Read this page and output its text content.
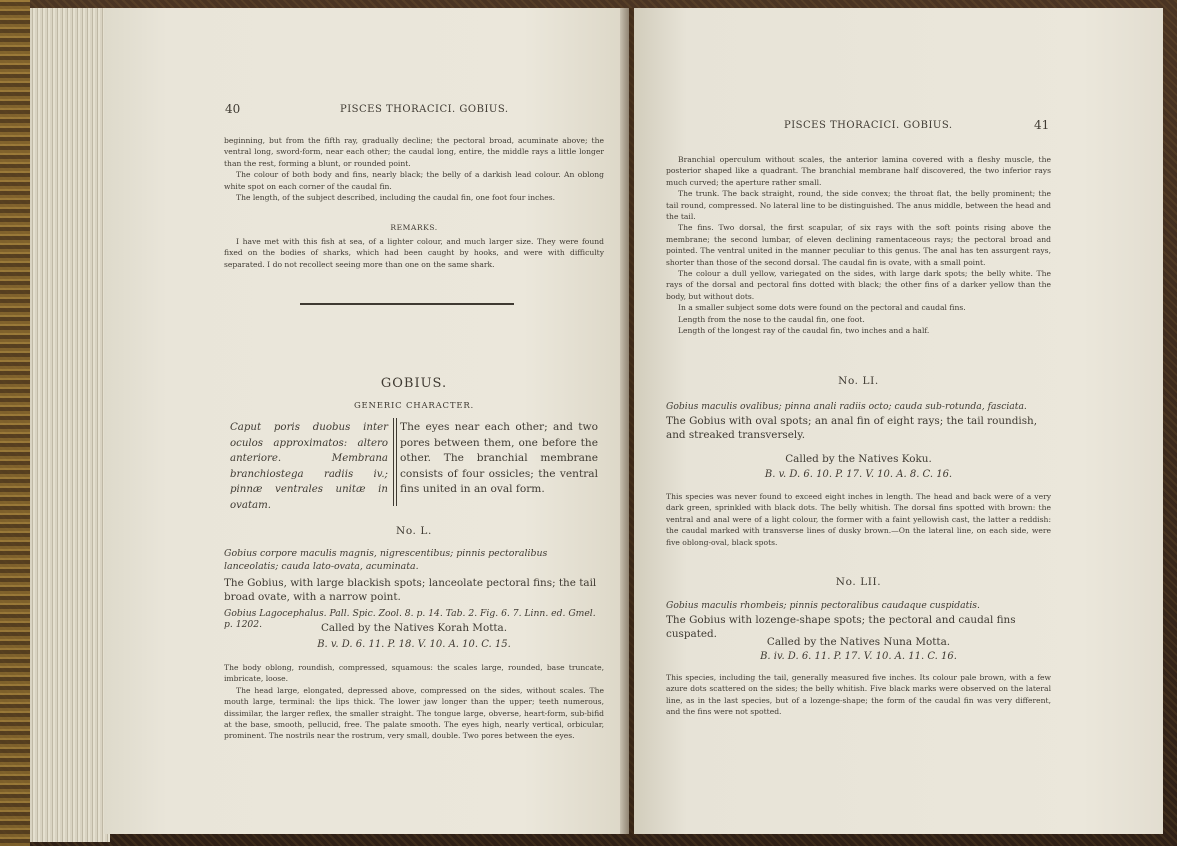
40	PISCES THORACICI. GOBIUS.

beginning, but from the fifth ray, gradually decline; the pectoral broad, acuminate above; the ventral long, sword-form, near each other; the caudal long, entire, the middle rays a little longer than the rest, forming a blunt, or rounded point.

The colour of both body and fins, nearly black; the belly of a darkish lead colour. An oblong white spot on each corner of the caudal fin.

The length, of the subject described, including the caudal fin, one foot four inches.

REMARKS.
I have met with this fish at sea, of a lighter colour, and much larger size. They were found fixed on the bodies of sharks, which had been caught by hooks, and were with difficulty separated. I do not recollect seeing more than one on the same shark.
GOBIUS.
GENERIC CHARACTER.
Caput poris duobus inter oculos approximatos: altero anteriore. Membrana branchiostega radiis iv.; pinnæ ventrales unitæ in ovatam.
The eyes near each other; and two pores between them, one before the other. The branchial membrane consists of four ossicles; the ventral fins united in an oval form.
No. L.
Gobius corpore maculis magnis, nigrescentibus; pinnis pectoralibus lanceolatis; cauda lato-ovata, acuminata.
The Gobius, with large blackish spots; lanceolate pectoral fins; the tail broad ovate, with a narrow point.
Gobius Lagocephalus. Pall. Spic. Zool. 8. p. 14. Tab. 2. Fig. 6. 7. Linn. ed. Gmel. p. 1202.	Called by the Natives Korah Motta.
B. v. D. 6. 11. P. 18. V. 10. A. 10. C. 15.

The body oblong, roundish, compressed, squamous: the scales large, rounded, base truncate, imbricate, loose.

The head large, elongated, depressed above, compressed on the sides, without scales. The mouth large, terminal: the lips thick. The lower jaw longer than the upper; teeth numerous, dissimilar, the larger reflex, the smaller straight. The tongue large, obverse, heart-form, sub-bifid at the base, smooth, pellucid, free. The palate smooth. The eyes high, nearly vertical, orbicular, prominent. The nostrils near the rostrum, very small, double. Two pores between the eyes.

PISCES THORACICI. GOBIUS.	41

Branchial operculum without scales, the anterior lamina covered with a fleshy muscle, the posterior shaped like a quadrant. The branchial membrane half discovered, the two inferior rays much curved; the aperture rather small.

The trunk. The back straight, round, the side convex; the throat flat, the belly prominent; the tail round, compressed. No lateral line to be distinguished. The anus middle, between the head and the tail.

The fins. Two dorsal, the first scapular, of six rays with the soft points rising above the membrane; the second lumbar, of eleven declining ramentaceous rays; the pectoral broad and pointed. The ventral united in the manner peculiar to this genus. The anal has ten assurgent rays, shorter than those of the second dorsal. The caudal fin is ovate, with a small point.

The colour a dull yellow, variegated on the sides, with large dark spots; the belly white. The rays of the dorsal and pectoral fins dotted with black; the other fins of a darker yellow than the body, but without dots.

In a smaller subject some dots were found on the pectoral and caudal fins.

Length from the nose to the caudal fin, one foot.

Length of the longest ray of the caudal fin, two inches and a half.

No. LI.
Gobius maculis ovalibus; pinna anali radiis octo; cauda sub-rotunda, fasciata.
The Gobius with oval spots; an anal fin of eight rays; the tail roundish, and streaked transversely.
Called by the Natives Koku.
B. v. D. 6. 10. P. 17. V. 10. A. 8. C. 16.
This species was never found to exceed eight inches in length. The head and back were of a very dark green, sprinkled with black dots. The belly whitish. The dorsal fins spotted with brown: the ventral and anal were of a light colour, the former with a faint yellowish cast, the latter a reddish: the caudal marked with transverse lines of dusky brown.—On the lateral line, on each side, were five oblong-oval, black spots.
No. LII.
Gobius maculis rhombeis; pinnis pectoralibus caudaque cuspidatis.
The Gobius with lozenge-shape spots; the pectoral and caudal fins cuspated.
Called by the Natives Nuna Motta.
B. iv. D. 6. 11. P. 17. V. 10. A. 11. C. 16.
This species, including the tail, generally measured five inches. Its colour pale brown, with a few azure dots scattered on the sides; the belly whitish. Five black marks were observed on the lateral line, as in the last species, but of a lozenge-shape; the form of the caudal fin was very different, and the fins were not spotted.
